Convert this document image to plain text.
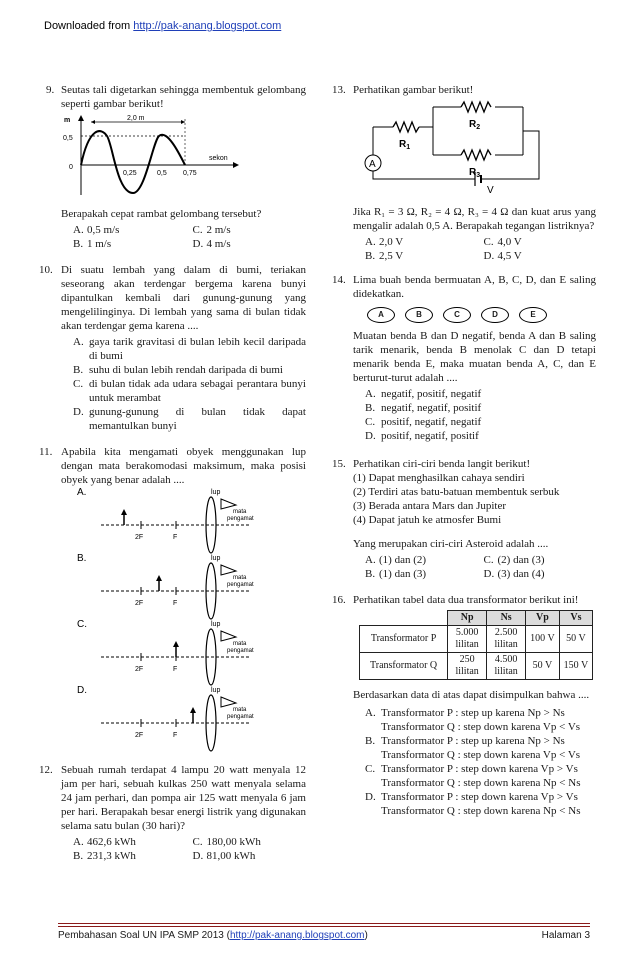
Downloaded from http://pak-anang.blogspot.com
9. Seutas tali digetarkan sehingga membentuk gelombang seperti gambar berikut!
m	2,0 m
0,5
0
sekon
0,25	0,5 0,75
Berapakah cepat rambat gelombang tersebut?
A. 0,5 m/s	C. 2 m/s
B. 1 m/s	D. 4 m/s
10. Di suatu lembah yang dalam di bumi, teriakan seseorang akan terdengar bergema karena bunyi dipantulkan kembali dari gunung-gunung yang mengelilinginya. Di lembah yang sama di bulan tidak akan terdengar gema karena ....
A. gaya tarik gravitasi di bulan lebih kecil daripada di bumi
B. suhu di bulan lebih rendah daripada di bumi
C. di bulan tidak ada udara sebagai perantara bunyi untuk merambat
D. gunung-gunung di bulan tidak dapat memantulkan bunyi
11. Apabila kita mengamati obyek menggunakan lup dengan mata berakomodasi maksimum, maka posisi obyek yang benar adalah ....
A.	lup
mata
pengamat
2F	F
B.	lup
mata
pengamat
2F	F
C.	lup
mata
pengamat
2F	F
D.	lup
mata
pengamat
2F	F
12. Sebuah rumah terdapat 4 lampu 20 watt menyala 12 jam per hari, sebuah kulkas 250 watt menyala selama 24 jam perhari, dan pompa air 125 watt menyala 6 jam per hari. Berapakah besar energi listrik yang digunakan selama satu bulan (30 hari)?
A. 462,6 kWh	C. 180,00 kWh
B. 231,3 kWh	D. 81,00 kWh
13. Perhatikan gambar berikut!
A
$R_1$
$R_2$
$R_3$
V
Jika R₁ = 3 Ω, R₂ = 4 Ω, R₃ = 4 Ω dan kuat arus yang mengalir adalah 0,5 A. Berapakah tegangan listriknya?
A. 2,0 V	C. 4,0 V
B. 2,5 V	D. 4,5 V
14. Lima buah benda bermuatan A, B, C, D, dan E saling didekatkan.
A	B	C	D	E
Muatan benda B dan D negatif, benda A dan B saling tarik menarik, benda B menolak C dan D tetapi menarik benda E, maka muatan benda A, C, dan E berturut-turut adalah ....
A. negatif, positif, negatif
B. negatif, negatif, positif
C. positif, negatif, negatif
D. positif, negatif, positif
15. Perhatikan ciri-ciri benda langit berikut!
(1) Dapat menghasilkan cahaya sendiri
(2) Terdiri atas batu-batuan membentuk serbuk
(3) Berada antara Mars dan Jupiter
(4) Dapat jatuh ke atmosfer Bumi
Yang merupakan ciri-ciri Asteroid adalah ....
A. (1) dan (2)	C. (2) dan (3)
B. (1) dan (3)	D. (3) dan (4)
16. Perhatikan tabel data dua transformator berikut ini!
	Np	Ns	Vp	Vs
Transformator P	5.000 lilitan	2.500 lilitan	100 V	50 V
Transformator Q	250 lilitan	4.500 lilitan	50 V	150 V
Berdasarkan data di atas dapat disimpulkan bahwa ....
A. Transformator P : step up karena Np > Ns
Transformator Q : step down karena Vp < Vs
B. Transformator P : step up karena Np > Ns
Transformator Q : step down karena Vp < Vs
C. Transformator P : step down karena Vp > Vs
Transformator Q : step down karena Np < Ns
D. Transformator P : step down karena Vp > Vs
Transformator Q : step down karena Np < Ns
Pembahasan Soal UN IPA SMP 2013 (http://pak-anang.blogspot.com)	Halaman 3
